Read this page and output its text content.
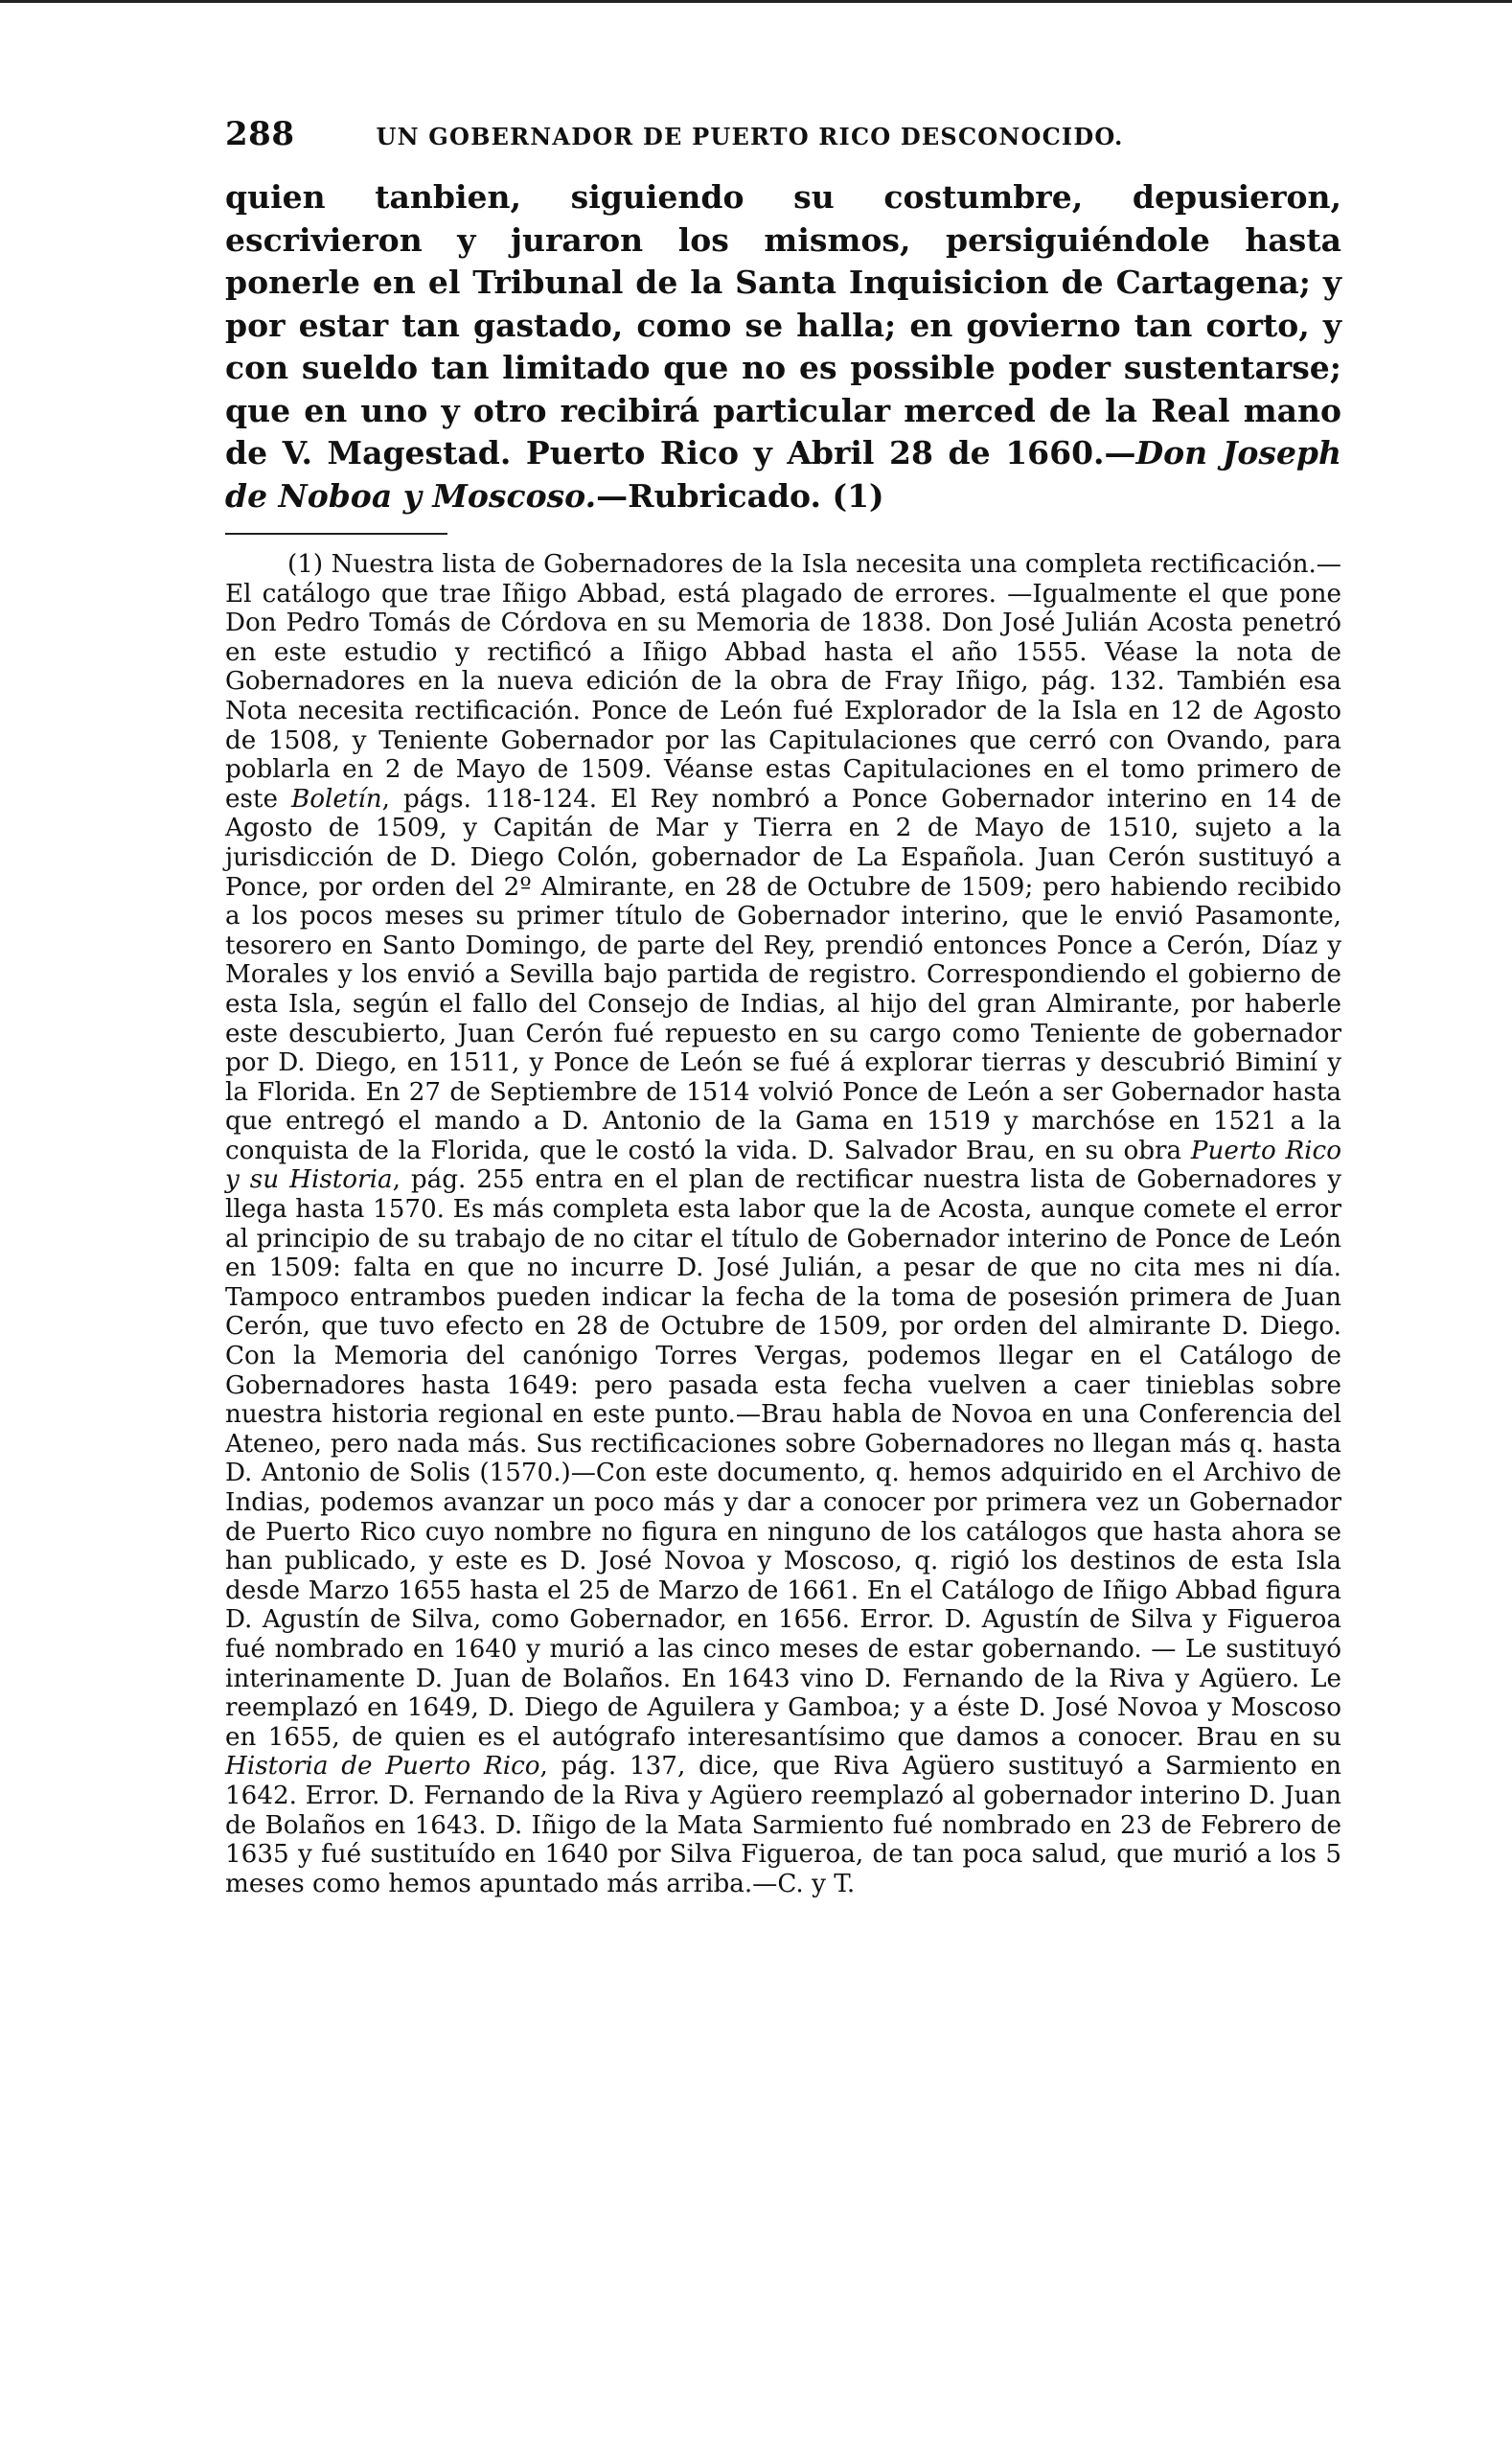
288	UN GOBERNADOR DE PUERTO RICO DESCONOCIDO.

quien tanbien, siguiendo su costumbre, depusieron, escrivieron y juraron los mismos, persiguiéndole hasta ponerle en el Tribunal de la Santa Inquisicion de Cartagena; y por estar tan gastado, como se halla; en govierno tan corto, y con sueldo tan limitado que no es possible poder sustentarse; que en uno y otro recibirá particular merced de la Real mano de V. Magestad. Puerto Rico y Abril 28 de 1660.—Don Joseph de Noboa y Moscoso.—Rubricado. (1)

(1) Nuestra lista de Gobernadores de la Isla necesita una completa rectificación.—El catálogo que trae Iñigo Abbad, está plagado de errores. —Igualmente el que pone Don Pedro Tomás de Córdova en su Memoria de 1838. Don José Julián Acosta penetró en este estudio y rectificó a Iñigo Abbad hasta el año 1555. Véase la nota de Gobernadores en la nueva edición de la obra de Fray Iñigo, pág. 132. También esa Nota necesita rectificación. Ponce de León fué Explorador de la Isla en 12 de Agosto de 1508, y Teniente Gobernador por las Capitulaciones que cerró con Ovando, para poblarla en 2 de Mayo de 1509. Véanse estas Capitulaciones en el tomo primero de este Boletín, págs. 118-124. El Rey nombró a Ponce Gobernador interino en 14 de Agosto de 1509, y Capitán de Mar y Tierra en 2 de Mayo de 1510, sujeto a la jurisdicción de D. Diego Colón, gobernador de La Española. Juan Cerón sustituyó a Ponce, por orden del 2º Almirante, en 28 de Octubre de 1509; pero habiendo recibido a los pocos meses su primer título de Gobernador interino, que le envió Pasamonte, tesorero en Santo Domingo, de parte del Rey, prendió entonces Ponce a Cerón, Díaz y Morales y los envió a Sevilla bajo partida de registro. Correspondiendo el gobierno de esta Isla, según el fallo del Consejo de Indias, al hijo del gran Almirante, por haberle este descubierto, Juan Cerón fué repuesto en su cargo como Teniente de gobernador por D. Diego, en 1511, y Ponce de León se fué á explorar tierras y descubrió Biminí y la Florida. En 27 de Septiembre de 1514 volvió Ponce de León a ser Gobernador hasta que entregó el mando a D. Antonio de la Gama en 1519 y marchóse en 1521 a la conquista de la Florida, que le costó la vida. D. Salvador Brau, en su obra Puerto Rico y su Historia, pág. 255 entra en el plan de rectificar nuestra lista de Gobernadores y llega hasta 1570. Es más completa esta labor que la de Acosta, aunque comete el error al principio de su trabajo de no citar el título de Gobernador interino de Ponce de León en 1509: falta en que no incurre D. José Julián, a pesar de que no cita mes ni día. Tampoco entrambos pueden indicar la fecha de la toma de posesión primera de Juan Cerón, que tuvo efecto en 28 de Octubre de 1509, por orden del almirante D. Diego. Con la Memoria del canónigo Torres Vergas, podemos llegar en el Catálogo de Gobernadores hasta 1649: pero pasada esta fecha vuelven a caer tinieblas sobre nuestra historia regional en este punto.—Brau habla de Novoa en una Conferencia del Ateneo, pero nada más. Sus rectificaciones sobre Gobernadores no llegan más q. hasta D. Antonio de Solis (1570.)—Con este documento, q. hemos adquirido en el Archivo de Indias, podemos avanzar un poco más y dar a conocer por primera vez un Gobernador de Puerto Rico cuyo nombre no figura en ninguno de los catálogos que hasta ahora se han publicado, y este es D. José Novoa y Moscoso, q. rigió los destinos de esta Isla desde Marzo 1655 hasta el 25 de Marzo de 1661. En el Catálogo de Iñigo Abbad figura D. Agustín de Silva, como Gobernador, en 1656. Error. D. Agustín de Silva y Figueroa fué nombrado en 1640 y murió a las cinco meses de estar gobernando. — Le sustituyó interinamente D. Juan de Bolaños. En 1643 vino D. Fernando de la Riva y Agüero. Le reemplazó en 1649, D. Diego de Aguilera y Gamboa; y a éste D. José Novoa y Moscoso en 1655, de quien es el autógrafo interesantísimo que damos a conocer. Brau en su Historia de Puerto Rico, pág. 137, dice, que Riva Agüero sustituyó a Sarmiento en 1642. Error. D. Fernando de la Riva y Agüero reemplazó al gobernador interino D. Juan de Bolaños en 1643. D. Iñigo de la Mata Sarmiento fué nombrado en 23 de Febrero de 1635 y fué sustituído en 1640 por Silva Figueroa, de tan poca salud, que murió a los 5 meses como hemos apuntado más arriba.—C. y T.
